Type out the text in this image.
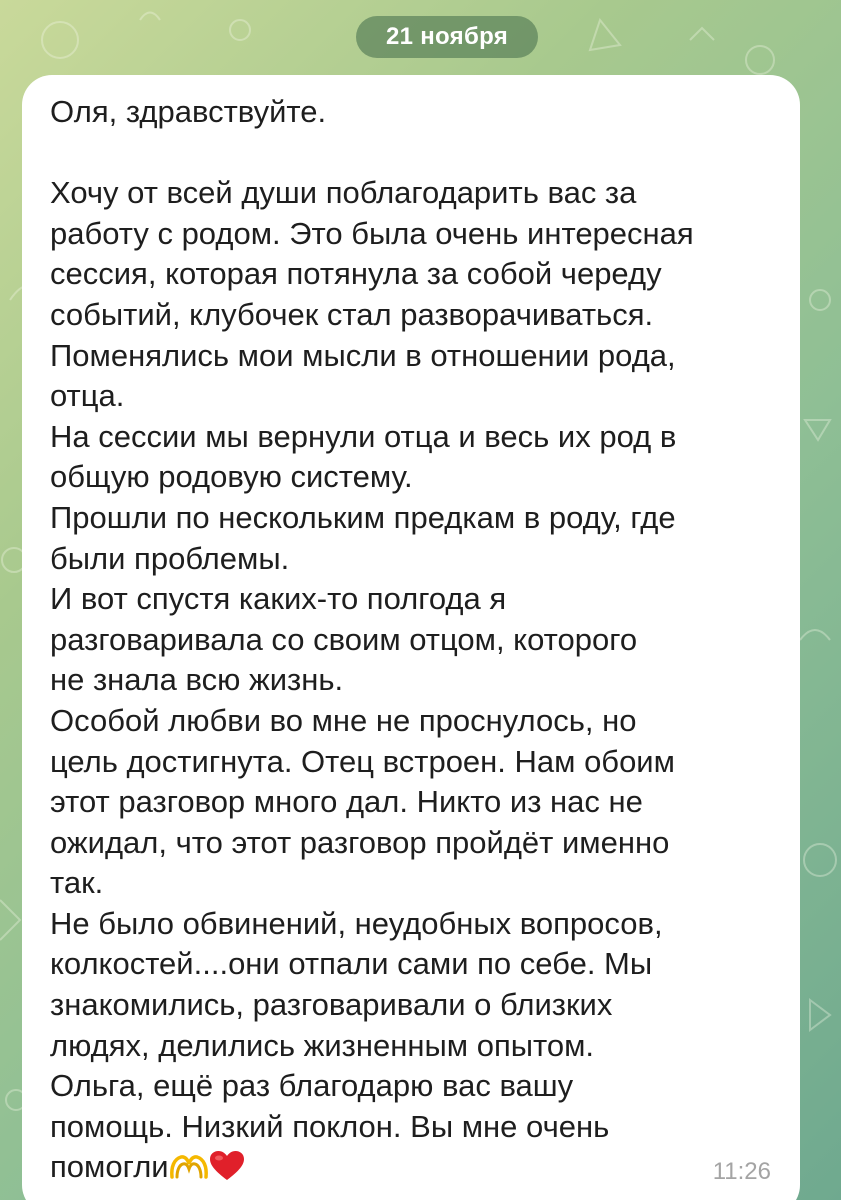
21 ноября
Оля, здравствуйте.
Хочу от всей души поблагодарить вас за
работу с родом. Это была очень интересная
сессия, которая потянула за собой череду
событий, клубочек стал разворачиваться.
Поменялись мои мысли в отношении рода,
отца.
На сессии мы вернули отца и весь их род в
общую родовую систему.
Прошли по нескольким предкам в роду, где
были проблемы.
И вот спустя каких-то полгода я
разговаривала со своим отцом, которого
не знала всю жизнь.
Особой любви во мне не проснулось, но
цель достигнута. Отец встроен. Нам обоим
этот разговор много дал. Никто из нас не
ожидал, что этот разговор пройдёт именно
так.
Не было обвинений, неудобных вопросов,
колкостей....они отпали сами по себе. Мы
знакомились, разговаривали о близких
людях, делились жизненным опытом.
Ольга, ещё раз благодарю вас вашу
помощь. Низкий поклон. Вы мне очень
помогли	11:26
